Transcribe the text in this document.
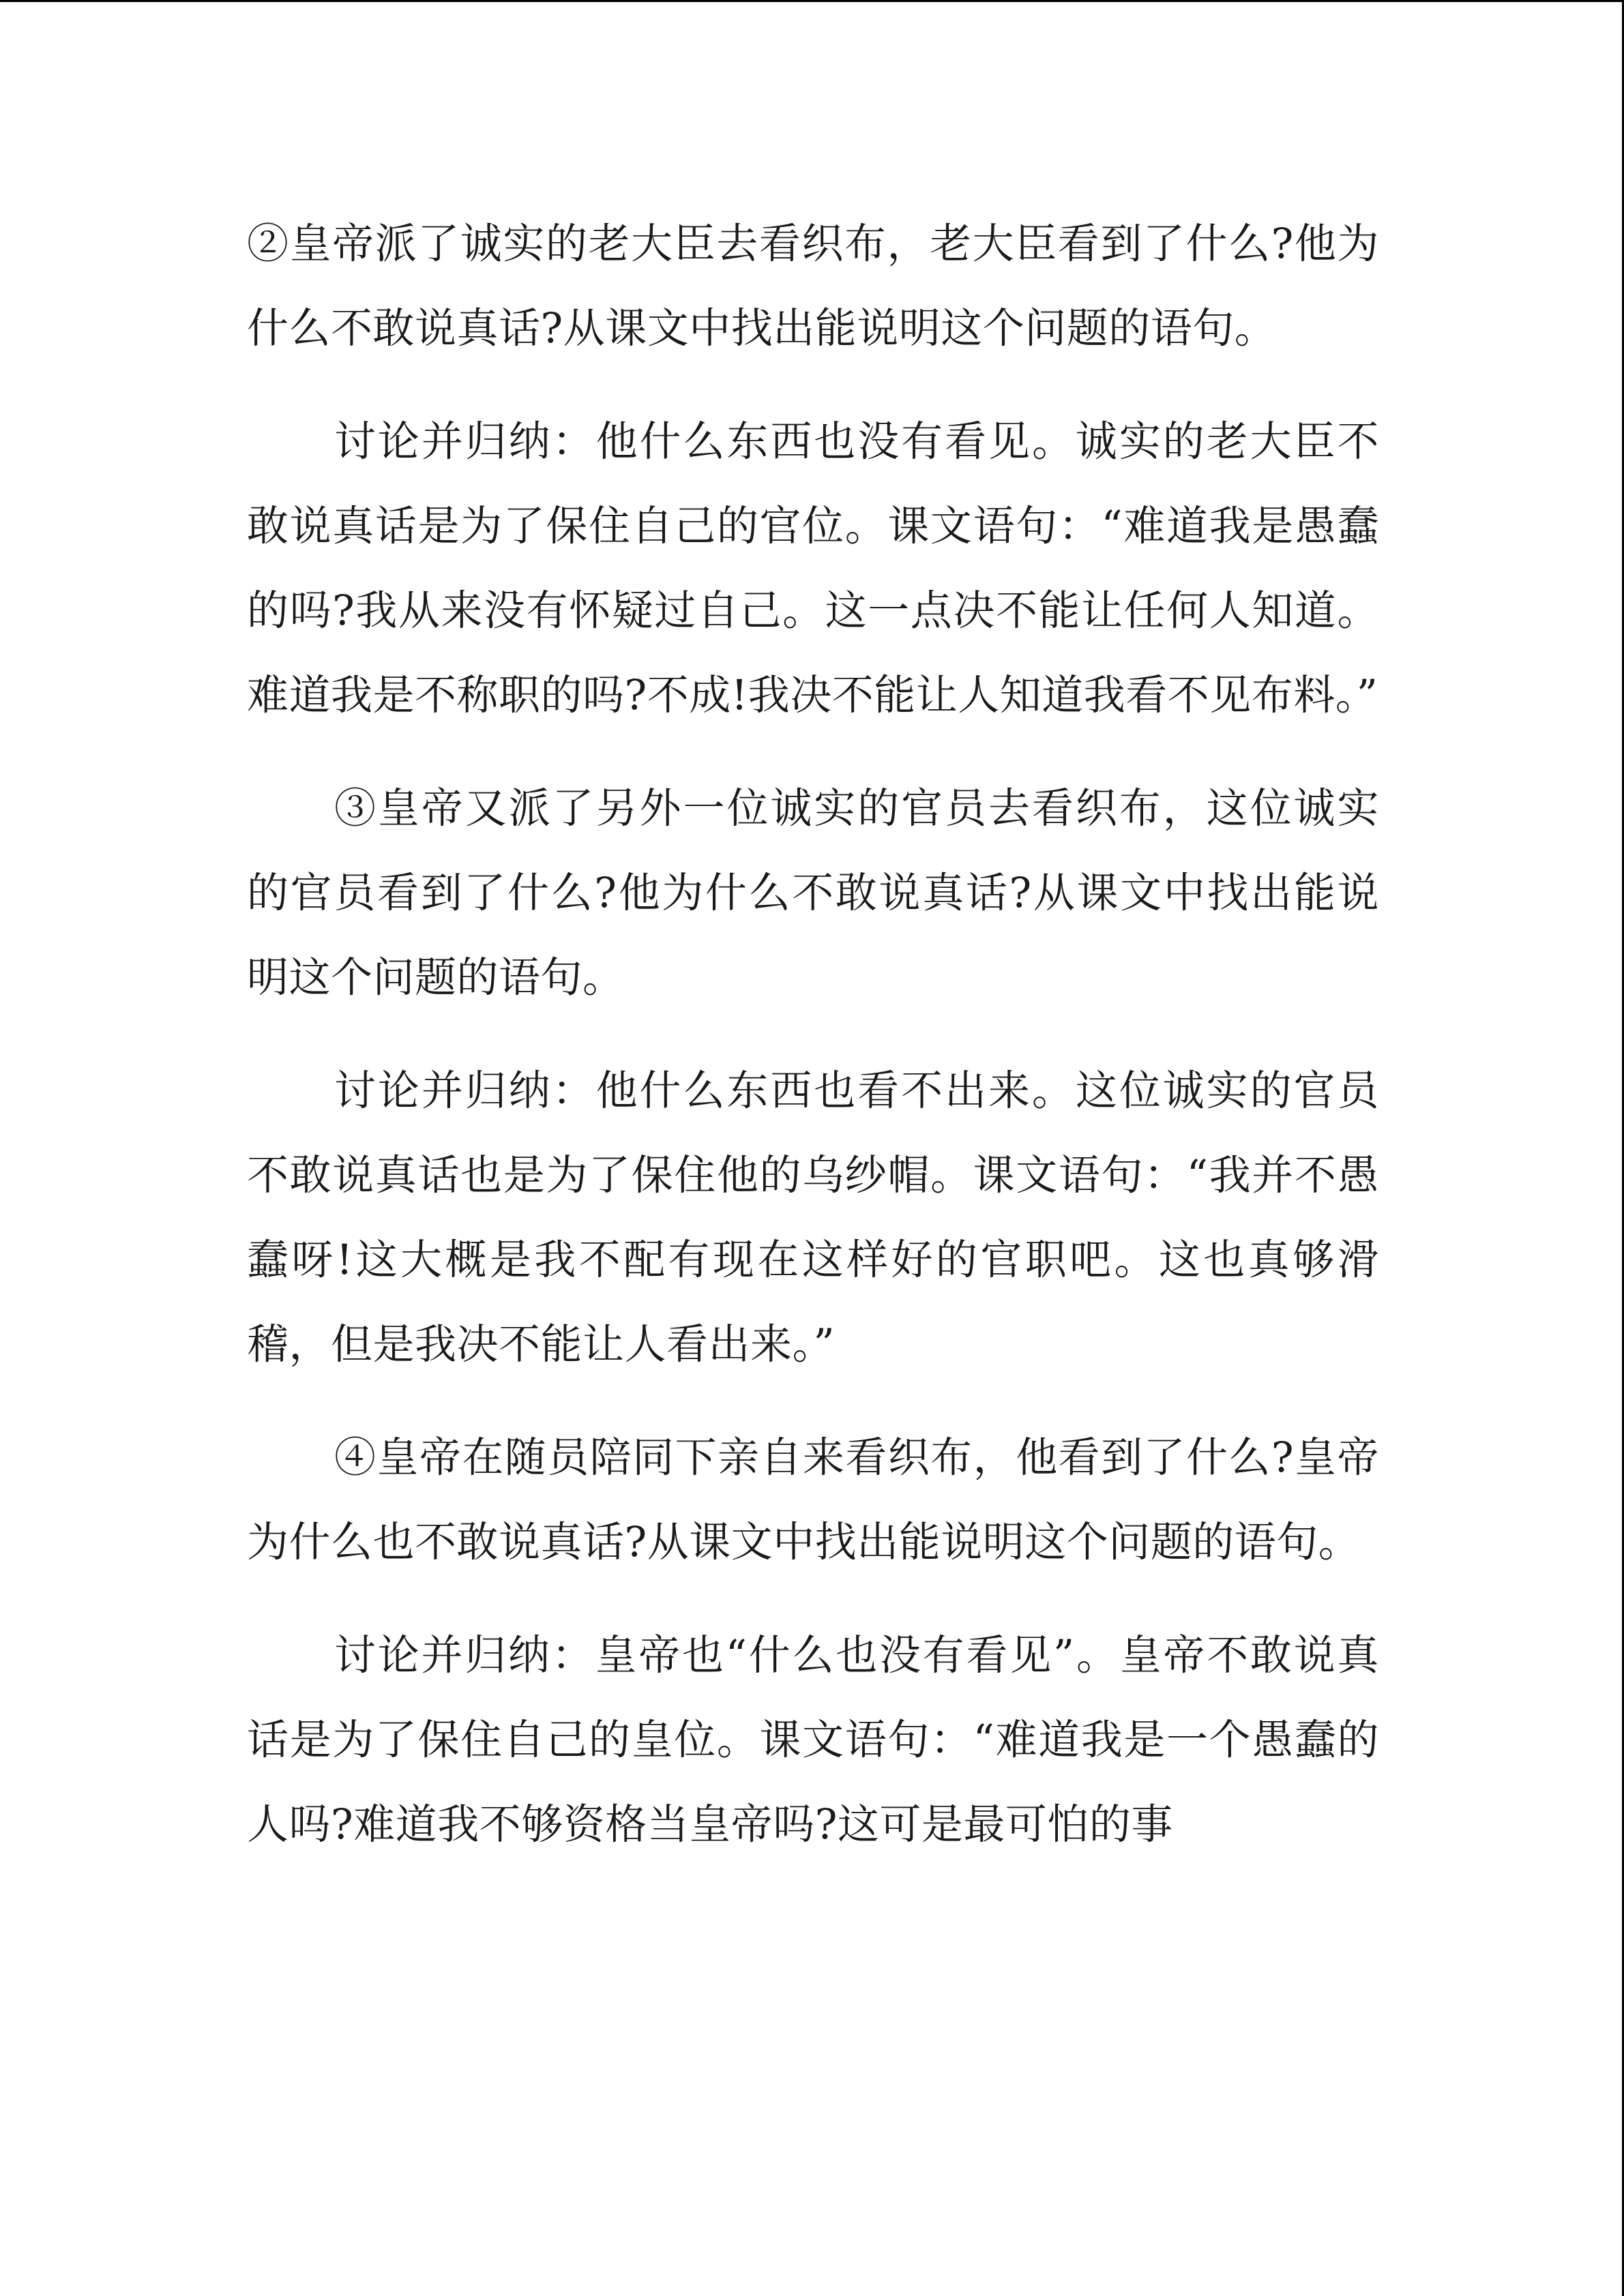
②皇帝派了诚实的老大臣去看织布，老大臣看到了什么?他为什么不敢说真话?从课文中找出能说明这个问题的语句。

讨论并归纳：他什么东西也没有看见。诚实的老大臣不敢说真话是为了保住自己的官位。课文语句：“难道我是愚蠢的吗?我从来没有怀疑过自己。这一点决不能让任何人知道。难道我是不称职的吗?不成!我决不能让人知道我看不见布料。”

③皇帝又派了另外一位诚实的官员去看织布，这位诚实的官员看到了什么?他为什么不敢说真话?从课文中找出能说明这个问题的语句。

讨论并归纳：他什么东西也看不出来。这位诚实的官员不敢说真话也是为了保住他的乌纱帽。课文语句：“我并不愚蠢呀!这大概是我不配有现在这样好的官职吧。这也真够滑稽，但是我决不能让人看出来。”

④皇帝在随员陪同下亲自来看织布，他看到了什么?皇帝为什么也不敢说真话?从课文中找出能说明这个问题的语句。

讨论并归纳：皇帝也“什么也没有看见”。皇帝不敢说真话是为了保住自己的皇位。课文语句：“难道我是一个愚蠢的人吗?难道我不够资格当皇帝吗?这可是最可怕的事
